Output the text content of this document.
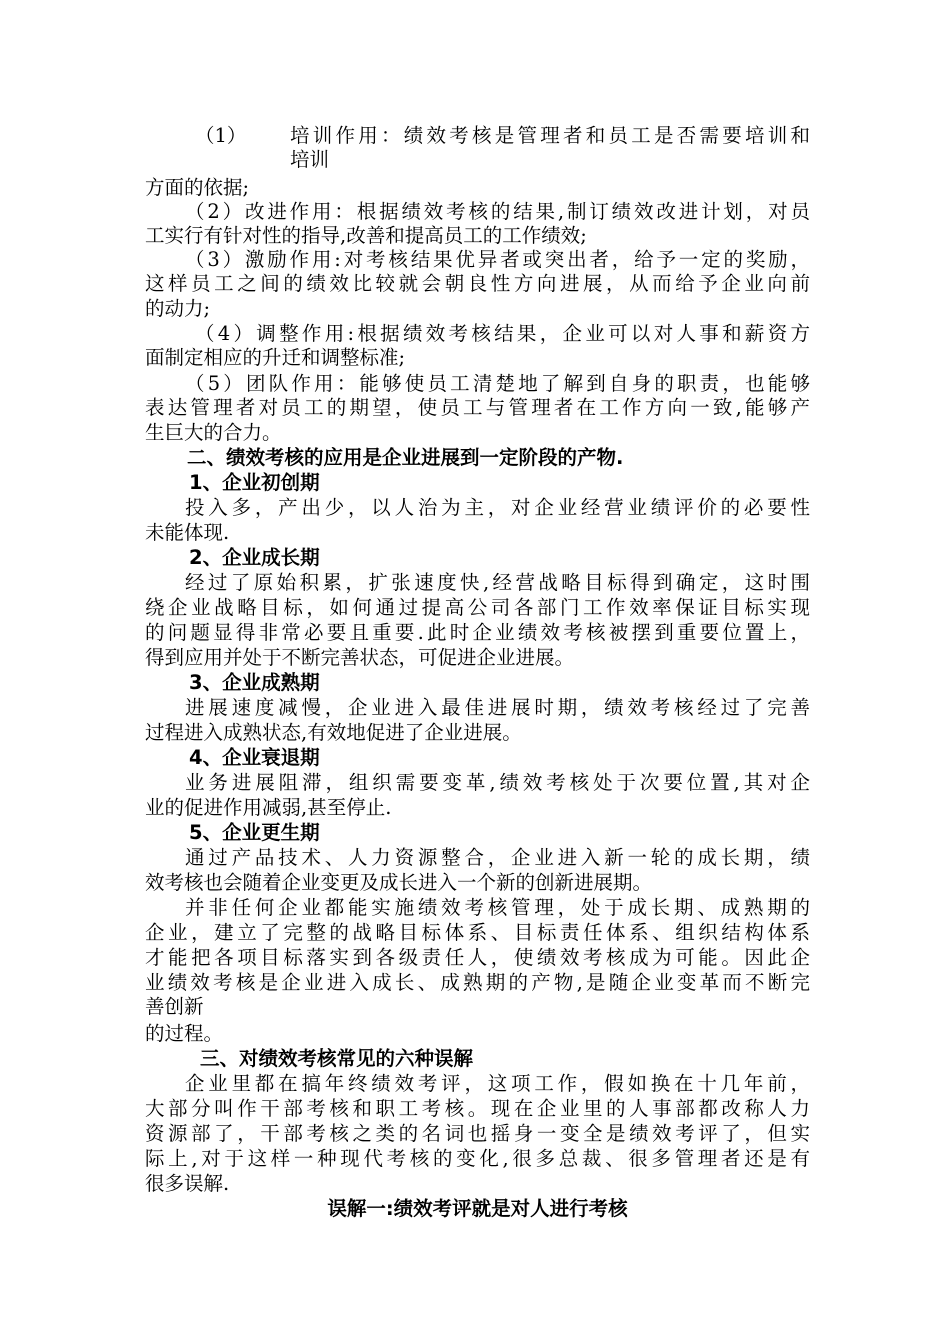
（1） 培训作用：绩效考核是管理者和员工是否需要培训和
培训
方面的依据;
（2）改进作用：根据绩效考核的结果,制订绩效改进计划，对员
工实行有针对性的指导,改善和提高员工的工作绩效;
（3）激励作用:对考核结果优异者或突出者，给予一定的奖励，
这样员工之间的绩效比较就会朝良性方向进展，从而给予企业向前
的动力;
（4）调整作用:根据绩效考核结果，企业可以对人事和薪资方
面制定相应的升迁和调整标准;
（5）团队作用：能够使员工清楚地了解到自身的职责，也能够
表达管理者对员工的期望，使员工与管理者在工作方向一致,能够产
生巨大的合力。
二、绩效考核的应用是企业进展到一定阶段的产物.
1、企业初创期
投入多，产出少，以人治为主，对企业经营业绩评价的必要性
未能体现.
2、企业成长期
经过了原始积累，扩张速度快,经营战略目标得到确定，这时围
绕企业战略目标，如何通过提高公司各部门工作效率保证目标实现
的问题显得非常必要且重要.此时企业绩效考核被摆到重要位置上，
得到应用并处于不断完善状态，可促进企业进展。
3、企业成熟期
进展速度减慢，企业进入最佳进展时期，绩效考核经过了完善
过程进入成熟状态,有效地促进了企业进展。
4、企业衰退期
业务进展阻滞，组织需要变革,绩效考核处于次要位置,其对企
业的促进作用减弱,甚至停止.
5、企业更生期
通过产品技术、人力资源整合，企业进入新一轮的成长期，绩
效考核也会随着企业变更及成长进入一个新的创新进展期。
并非任何企业都能实施绩效考核管理，处于成长期、成熟期的
企业，建立了完整的战略目标体系、目标责任体系、组织结构体系
才能把各项目标落实到各级责任人，使绩效考核成为可能。因此企
业绩效考核是企业进入成长、成熟期的产物,是随企业变革而不断完
善创新
的过程。
三、对绩效考核常见的六种误解
企业里都在搞年终绩效考评，这项工作，假如换在十几年前，
大部分叫作干部考核和职工考核。现在企业里的人事部都改称人力
资源部了，干部考核之类的名词也摇身一变全是绩效考评了，但实
际上,对于这样一种现代考核的变化,很多总裁、很多管理者还是有
很多误解.
误解一:绩效考评就是对人进行考核
